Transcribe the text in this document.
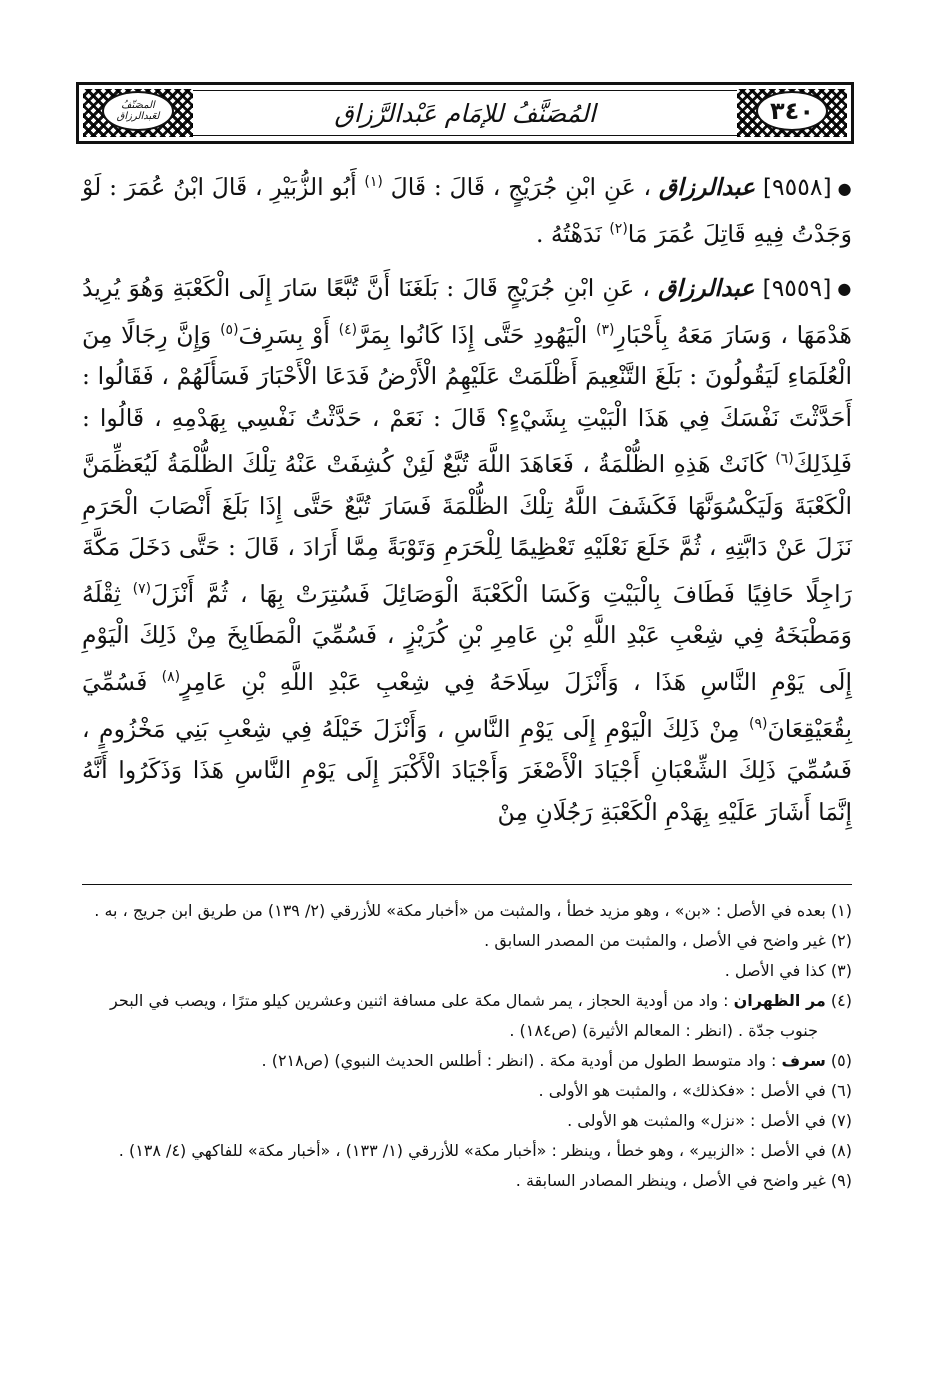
٣٤٠
المُصَنَّفُ للإمَام عَبْدالرَّزاق
المصَنّفُ
لعَبدالرزاق

●[٩٥٥٨] عبدالرزاق ، عَنِ ابْنِ جُرَيْجٍ ، قَالَ : قَالَ $^{(١)}$ أَبُو الزُّبَيْرِ ، قَالَ ابْنُ عُمَرَ : لَوْ وَجَدْتُ فِيهِ قَاتِلَ عُمَرَ مَا$^{(٢)}$ نَدَهْتُهُ .

●[٩٥٥٩] عبدالرزاق ، عَنِ ابْنِ جُرَيْجٍ قَالَ : بَلَغَنَا أَنَّ تُبَّعًا سَارَ إِلَى الْكَعْبَةِ وَهُوَ يُرِيدُ هَدْمَهَا ، وَسَارَ مَعَهُ بِأَحْبَارِ$^{(٣)}$ الْيَهُودِ حَتَّى إِذَا كَانُوا بِمَرَّ$^{(٤)}$ أَوْ بِسَرِفَ$^{(٥)}$ وَإِنَّ رِجَالًا مِنَ الْعُلَمَاءِ لَيَقُولُونَ : بَلَغَ التَّنْعِيمَ أَظْلَمَتْ عَلَيْهِمُ الْأَرْضُ فَدَعَا الْأَحْبَارَ فَسَأَلَهُمْ ، فَقَالُوا : أَحَدَّثْتَ نَفْسَكَ فِي هَذَا الْبَيْتِ بِشَيْءٍ؟ قَالَ : نَعَمْ ، حَدَّثْتُ نَفْسِي بِهَدْمِهِ ، قَالُوا : فَلِذَلِكَ$^{(٦)}$ كَانَتْ هَذِهِ الظُّلْمَةُ ، فَعَاهَدَ اللَّهَ تُبَّعٌ لَئِنْ كُشِفَتْ عَنْهُ تِلْكَ الظُّلْمَةُ لَيُعَظِّمَنَّ الْكَعْبَةَ وَلَيَكْسُوَنَّهَا فَكَشَفَ اللَّهُ تِلْكَ الظُّلْمَةَ فَسَارَ تُبَّعٌ حَتَّى إِذَا بَلَغَ أَنْصَابَ الْحَرَمِ نَزَلَ عَنْ دَابَّتِهِ ، ثُمَّ خَلَعَ نَعْلَيْهِ تَعْظِيمًا لِلْحَرَمِ وَتَوْبَةً مِمَّا أَرَادَ ، قَالَ : حَتَّى دَخَلَ مَكَّةَ رَاجِلًا حَافِيًا فَطَافَ بِالْبَيْتِ وَكَسَا الْكَعْبَةَ الْوَصَائِلَ فَسُتِرَتْ بِهَا ، ثُمَّ أَنْزَلَ$^{(٧)}$ ثِقْلَهُ وَمَطْبَخَهُ فِي شِعْبِ عَبْدِ اللَّهِ بْنِ عَامِرِ بْنِ كُرَيْزٍ ، فَسُمِّيَ الْمَطَابِخَ مِنْ ذَلِكَ الْيَوْمِ إِلَى يَوْمِ النَّاسِ هَذَا ، وَأَنْزَلَ سِلَاحَهُ فِي شِعْبِ عَبْدِ اللَّهِ بْنِ عَامِرٍ$^{(٨)}$ فَسُمِّيَ بِقُعَيْقِعَانَ$^{(٩)}$ مِنْ ذَلِكَ الْيَوْمِ إِلَى يَوْمِ النَّاسِ ، وَأَنْزَلَ خَيْلَهُ فِي شِعْبِ بَنِي مَخْزُومٍ ، فَسُمِّيَ ذَلِكَ الشِّعْبَانِ أَجْيَادَ الْأَصْغَرَ وَأَجْيَادَ الْأَكْبَرَ إِلَى يَوْمِ النَّاسِ هَذَا وَذَكَرُوا أَنَّهُ إِنَّمَا أَشَارَ عَلَيْهِ بِهَدْمِ الْكَعْبَةِ رَجُلَانِ مِنْ

(١) بعده في الأصل : «بن» ، وهو مزيد خطأ ، والمثبت من «أخبار مكة» للأزرقي (٢/ ١٣٩) من طريق ابن جريج ، به .

(٢) غير واضح في الأصل ، والمثبت من المصدر السابق .

(٣) كذا في الأصل .

(٤) مر الظهران : واد من أودية الحجاز ، يمر شمال مكة على مسافة اثنين وعشرين كيلو مترًا ، ويصب في البحر جنوب جدّة . (انظر : المعالم الأثيرة) (ص١٨٤) .

(٥) سرف : واد متوسط الطول من أودية مكة . (انظر : أطلس الحديث النبوي) (ص٢١٨) .

(٦) في الأصل : «فكذلك» ، والمثبت هو الأولى .

(٧) في الأصل : «نزل» والمثبت هو الأولى .

(٨) في الأصل : «الزبير» ، وهو خطأ ، وينظر : «أخبار مكة» للأزرقي (١/ ١٣٣) ، «أخبار مكة» للفاكهي (٤/ ١٣٨) .

(٩) غير واضح في الأصل ، وينظر المصادر السابقة .
